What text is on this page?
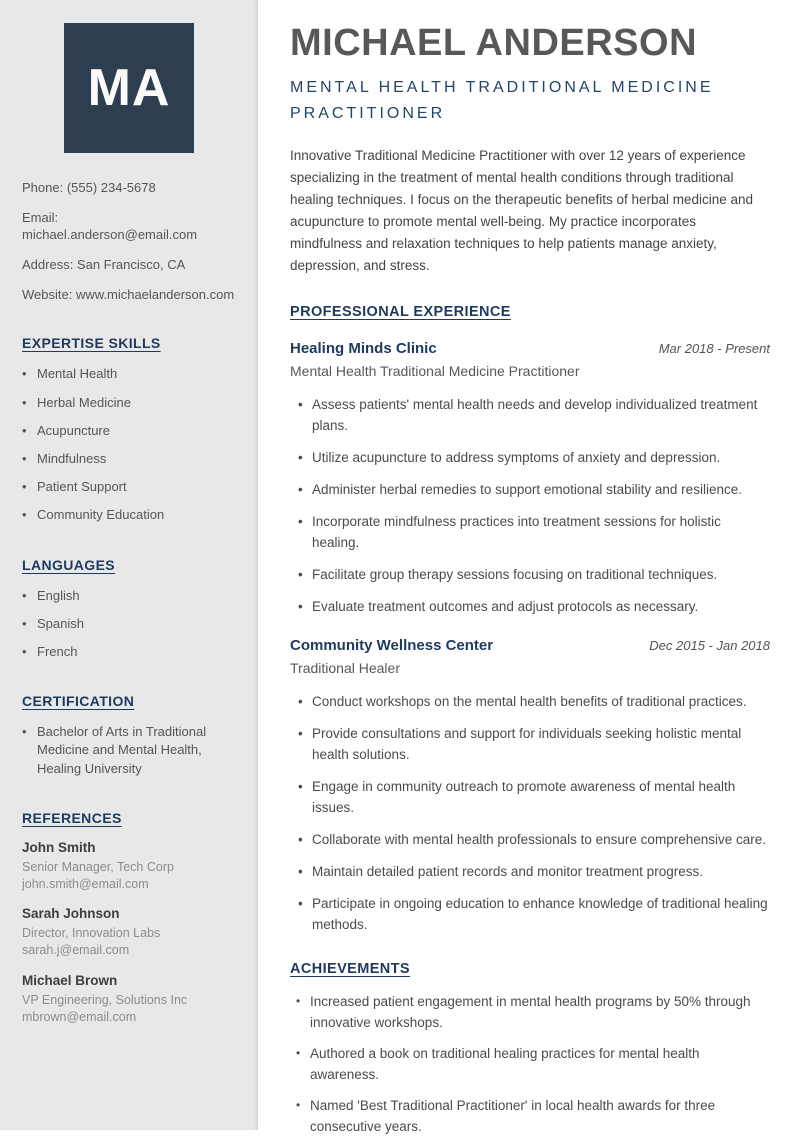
MA
Phone: (555) 234-5678
Email: michael.anderson@email.com
Address: San Francisco, CA
Website: www.michaelanderson.com
EXPERTISE SKILLS
• Mental Health
• Herbal Medicine
• Acupuncture
• Mindfulness
• Patient Support
• Community Education
LANGUAGES
• English
• Spanish
• French
CERTIFICATION
• Bachelor of Arts in Traditional Medicine and Mental Health, Healing University
REFERENCES
John Smith
Senior Manager, Tech Corp
john.smith@email.com
Sarah Johnson
Director, Innovation Labs
sarah.j@email.com
Michael Brown
VP Engineering, Solutions Inc
mbrown@email.com
MICHAEL ANDERSON
MENTAL HEALTH TRADITIONAL MEDICINE PRACTITIONER

Innovative Traditional Medicine Practitioner with over 12 years of experience specializing in the treatment of mental health conditions through traditional healing techniques. I focus on the therapeutic benefits of herbal medicine and acupuncture to promote mental well-being. My practice incorporates mindfulness and relaxation techniques to help patients manage anxiety, depression, and stress.

PROFESSIONAL EXPERIENCE
Healing Minds Clinic	Mar 2018 - Present
Mental Health Traditional Medicine Practitioner
• Assess patients' mental health needs and develop individualized treatment plans.
• Utilize acupuncture to address symptoms of anxiety and depression.
• Administer herbal remedies to support emotional stability and resilience.
• Incorporate mindfulness practices into treatment sessions for holistic healing.
• Facilitate group therapy sessions focusing on traditional techniques.
• Evaluate treatment outcomes and adjust protocols as necessary.
Community Wellness Center	Dec 2015 - Jan 2018
Traditional Healer
• Conduct workshops on the mental health benefits of traditional practices.
• Provide consultations and support for individuals seeking holistic mental health solutions.
• Engage in community outreach to promote awareness of mental health issues.
• Collaborate with mental health professionals to ensure comprehensive care.
• Maintain detailed patient records and monitor treatment progress.
• Participate in ongoing education to enhance knowledge of traditional healing methods.
ACHIEVEMENTS
• Increased patient engagement in mental health programs by 50% through innovative workshops.
• Authored a book on traditional healing practices for mental health awareness.
• Named 'Best Traditional Practitioner' in local health awards for three consecutive years.
